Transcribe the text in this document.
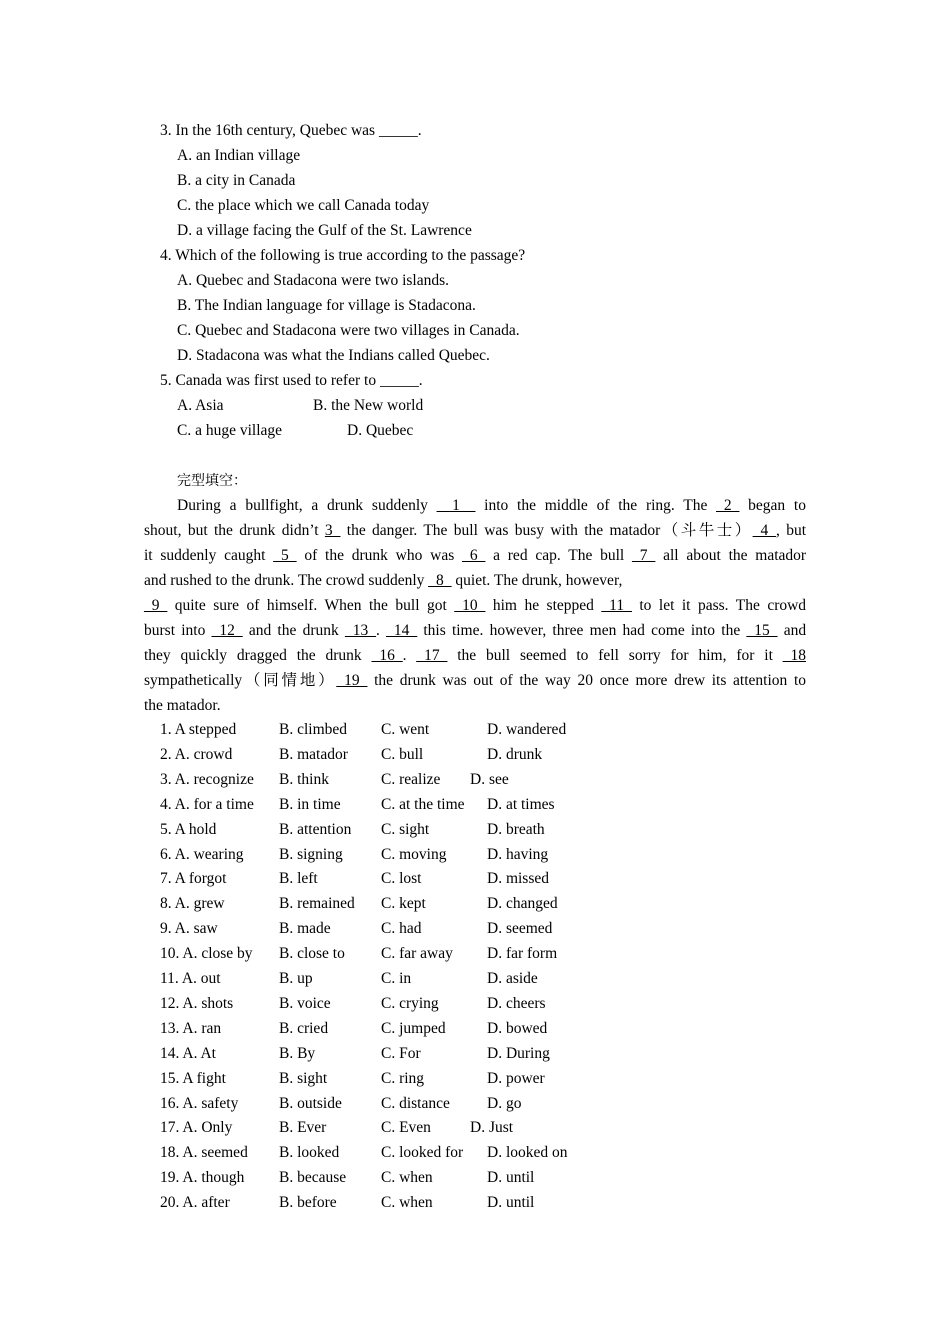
3. In the 16th century, Quebec was _____.
A. an Indian village
B. a city in Canada
C. the place which we call Canada today
D. a village facing the Gulf of the St. Lawrence
4. Which of the following is true according to the passage?
A. Quebec and Stadacona were two islands.
B. The Indian language for village is Stadacona.
C. Quebec and Stadacona were two villages in Canada.
D. Stadacona was what the Indians called Quebec.
5. Canada was first used to refer to _____.
A. Asia	B. the New world
C. a huge village	D. Quebec
完型填空：
During a bullfight, a drunk suddenly __1__ into the middle of the ring. The _2_ began to
shout, but the drunk didn’t 3_ the danger. The bull was busy with the matador（斗牛士）_4_, but
it suddenly caught _5_ of the drunk who was _6_ a red cap. The bull _7_ all about the matador
and rushed to the drunk. The crowd suddenly _8_ quiet. The drunk, however,
_9_ quite sure of himself. When the bull got _10_ him he stepped _11_ to let it pass. The crowd
burst into _12_ and the drunk _13_. _14_ this time. however, three men had come into the _15_ and
they quickly dragged the drunk _16_. _17_ the bull seemed to fell sorry for him, for it _18
sympathetically（同情地）_19_ the drunk was out of the way 20 once more drew its attention to
the matador.
1. A stepped	B. climbed C. went	D. wandered
2. A. crowd	B. matador C. bull	D. drunk
3. A. recognize B. think	C. realize D. see
4. A. for a time B. in time	C. at the time D. at times
5. A hold	B. attention C. sight	D. breath
6. A. wearing B. signing C. moving	D. having
7. A forgot	B. left	C. lost	D. missed
8. A. grew	B. remained C. kept	D. changed
9. A. saw	B. made	C. had	D. seemed
10. A. close by B. close to C. far away D. far form
11. A. out	B. up	C. in	D. aside
12. A. shots	B. voice	C. crying	D. cheers
13. A. ran	B. cried	C. jumped	D. bowed
14. A. At	B. By	C. For	D. During
15. A fight	B. sight	C. ring	D. power
16. A. safety	B. outside	C. distance D. go
17. A. Only	B. Ever	C. Even	D. Just
18. A. seemed B. looked	C. looked for D. looked on
19. A. though B. because C. when	D. until
20. A. after	B. before	C. when	D. until
